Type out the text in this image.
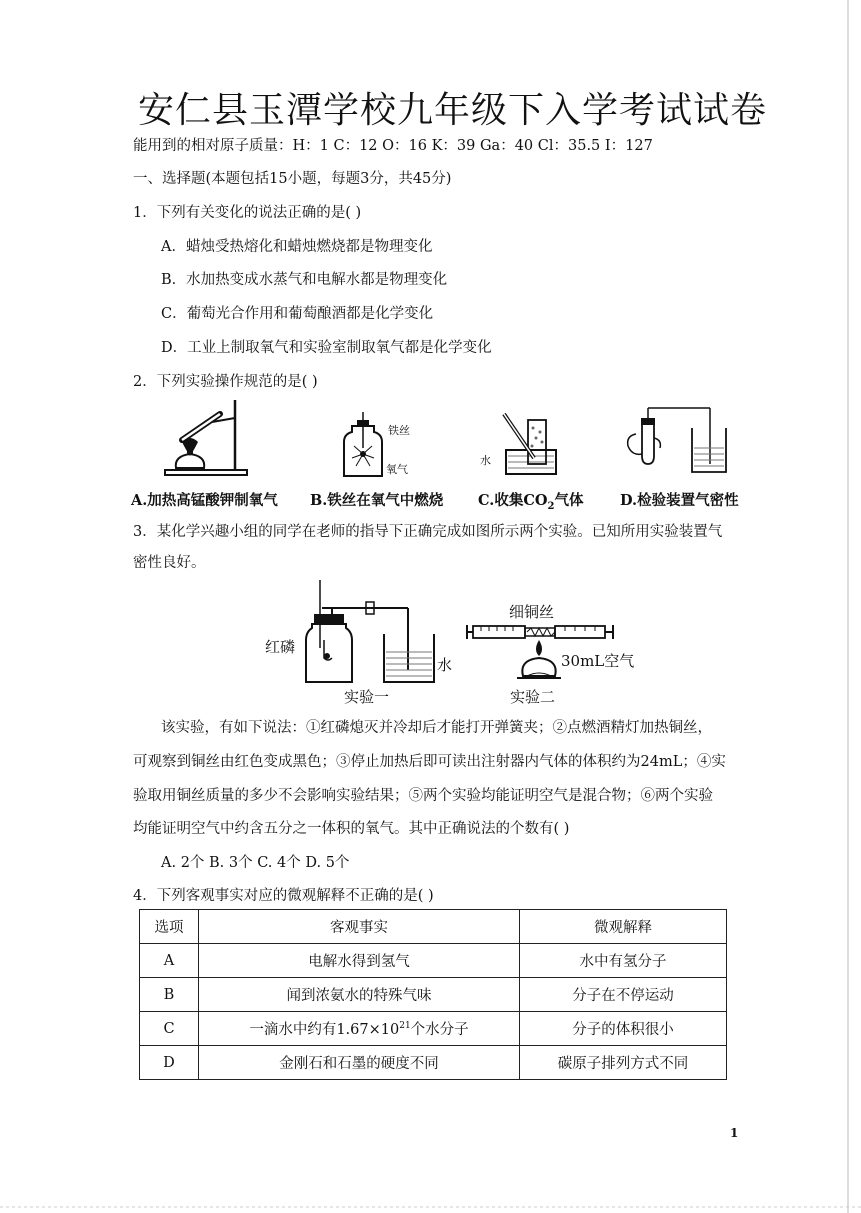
安仁县玉潭学校九年级下入学考试试卷
能用到的相对原子质量：H：1 C：12 O：16 K：39 Ga：40 Cl：35.5 I：127
一、选择题(本题包括15小题，每题3分，共45分)
1．下列有关变化的说法正确的是( )
A．蜡烛受热熔化和蜡烛燃烧都是物理变化
B．水加热变成水蒸气和电解水都是物理变化
C．葡萄光合作用和葡萄酿酒都是化学变化
D．工业上制取氧气和实验室制取氧气都是化学变化
2．下列实验操作规范的是( )
铁丝
氧气
水
A.加热高锰酸钾制氧气 B.铁丝在氧气中燃烧 C.收集$CO_2$气体	D.检验装置气密性
3．某化学兴趣小组的同学在老师的指导下正确完成如图所示两个实验。已知所用实验装置气
密性良好。
红磷
水
实验一
细铜丝
30mL空气
实验二
该实验，有如下说法：①红磷熄灭并冷却后才能打开弹簧夹；②点燃酒精灯加热铜丝，
可观察到铜丝由红色变成黑色；③停止加热后即可读出注射器内气体的体积约为24mL；④实
验取用铜丝质量的多少不会影响实验结果；⑤两个实验均能证明空气是混合物；⑥两个实验
均能证明空气中约含五分之一体积的氧气。其中正确说法的个数有( )
A. 2个 B. 3个 C. 4个 D. 5个
4．下列客观事实对应的微观解释不正确的是( )
选项	客观事实	微观解释
A	电解水得到氢气	水中有氢分子
B	闻到浓氨水的特殊气味	分子在不停运动
C	一滴水中约有$1.67\times 10^{21}$个水分子	分子的体积很小
D	金刚石和石墨的硬度不同	碳原子排列方式不同
1
